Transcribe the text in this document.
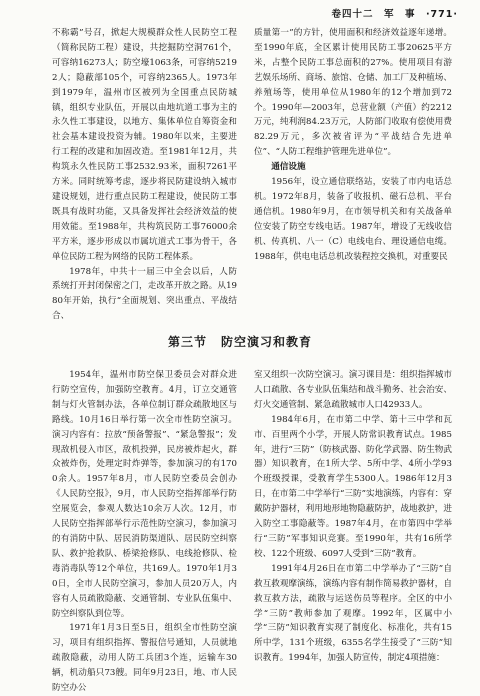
卷四十二　军　事　·771·

不称霸”号召，掀起大规模群众性人民防空工程（简称民防工程）建设，共挖掘防空洞761个，可容纳16273人；防空壕1063条，可容纳52192人；隐蔽部105个，可容纳2365人。1973年到1979年，温州市区被列为全国重点民防城镇，组织专业队伍，开展以由地坑道工事为主的永久性工事建设，以地方、集体单位自筹资金和社会基本建设投资为辅。1980年以来，主要进行工程的改建和加固改造。至1981年12月，共构筑永久性民防工事2532.93米，面积7261平方米。同时统筹考虑，逐步将民防建设纳入城市建设规划，进行重点民防工程建设，使民防工事既具有战时功能，又具备发挥社会经济效益的使用效能。至1988年，共构筑民防工事76000余平方米，逐步形成以市属坑道式工事为骨干，各单位民防工程为网络的民防工程体系。

1978年，中共十一届三中全会以后，人防系统打开封闭保密之门，走改革开放之路。从1980年开始，执行“全面规划、突出重点、平战结合、

质量第一”的方针，使用面积和经济效益逐年递增。至1990年底，全区累计使用民防工事20625平方米，占整个民防工事总面积的27%。使用项目有游艺娱乐场所、商场、旅馆、仓储、加工厂及种植场、养殖场等，使用单位从1980年的12个增加到72个。1990年—2003年，总营业额（产值）约2212万元，纯利润84.23万元，人防部门收取有偿使用费82.29万元，多次被省评为“平战结合先进单位”、“人防工程维护管理先进单位”。

通信设施

1956年，设立通信联络站，安装了市内电话总机。1972年8月，装备了收报机、磁石总机、平台通信机。1980年9月，在市领导机关和有关战备单位安装了防空专线电话。1987年，增设了无线收信机、传真机、八一（C）电线电台、理设通信电缆。1988年，供电电话总机改装程控交换机，对重要民

第三节 防空演习和教育

1954年，温州市防空保卫委员会对群众进行防空宣传，加强防空教育。4月，订立交通管制与灯火管制办法，各单位制订群众疏散地区与路线。10月16日举行第一次全市性防空演习。演习内容有：拉放“预备警报”、“紧急警报”；发现敌机侵入市区，敌机投弹，民房被炸起火，群众被炸伤，处理定时炸弹等，参加演习的有1700余人。1957年8月，市人民防空委员会创办《人民防空报》，9月，市人民防空指挥部举行防空展览会，参观人数达10余万人次。12月，市人民防空指挥部举行示范性防空演习，参加演习的有消防中队、居民消防渠道队、居民防空纠察队、救护抢救队、桥梁抢修队、电线抢修队、检毒消毒队等12个单位，共169人。1970年1月30日，全市人民防空演习，参加人员20万人，内容有人员疏散隐蔽、交通管制、专业队伍集中、防空纠察队到位等。

1971年1月3日至5日，组织全市性防空演习，项目有组织指挥、警报信号通知，人员就地疏散隐蔽，动用人防工兵团3个连，运输车30辆，机动船只73艘。同年9月23日，地、市人民防空办公

室又组织一次防空演习。演习课目是：组织指挥城市人口疏散、各专业队伍集结和战斗勤务、社会治安、灯火交通管制、紧急疏散城市人口42933人。

1984年6月，在市第二中学、第十三中学和瓦市、百里两个小学，开展人防常识教育试点。1985年，进行“三防”（防核武器、防化学武器、防生物武器）知识教育，在1所大学、5所中学、4所小学93个班级授课，受教育学生5300人。1986年12月3日，在市第二中学举行“三防”实地演练，内容有：穿戴防护器材，利用地形地物隐蔽防护，战地救护，进入防空工事隐蔽等。1987年4月，在市第四中学举行“三防”军事知识竞赛。至1990年，共有16所学校、122个班级、6097人受到“三防”教育。

1991年4月26日在市第二中学举办了“三防”自救互救观摩演练，演练内容有制作简易救护器材，自救互救方法，疏散与运送伤员等程序。全区的中小学“三防”教师参加了观摩。1992年，区属中小学“三防”知识教育实现了制度化、标准化，共有15所中学，131个班级，6355名学生接受了“三防”知识教育。1994年，加强人防宣传，制定4项措施：
